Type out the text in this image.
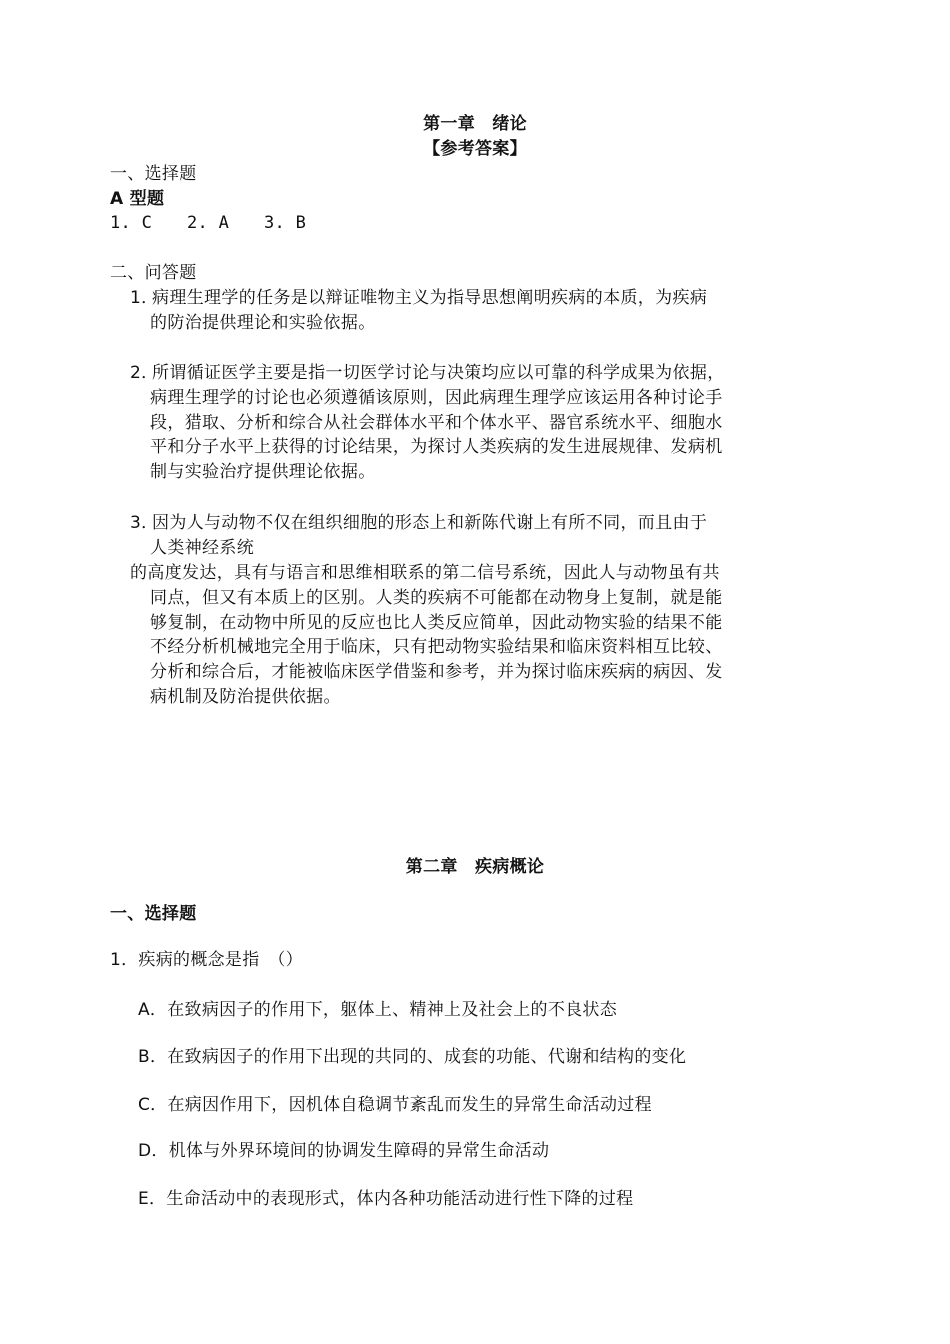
第一章　绪论
【参考答案】
一、选择题
A 型题
1. C 2. A 3. B
二、问答题
1．
病理生理学的任务是以辩证唯物主义为指导思想阐明疾病的本质，为疾病
的防治提供理论和实验依据。
2．
所谓循证医学主要是指一切医学讨论与决策均应以可靠的科学成果为依据，
病理生理学的讨论也必须遵循该原则，因此病理生理学应该运用各种讨论手
段，猎取、分析和综合从社会群体水平和个体水平、器官系统水平、细胞水
平和分子水平上获得的讨论结果，为探讨人类疾病的发生进展规律、发病机
制与实验治疗提供理论依据。
3．
因为人与动物不仅在组织细胞的形态上和新陈代谢上有所不同，而且由于
人类神经系统
的高度发达，具有与语言和思维相联系的第二信号系统，因此人与动物虽有共
同点，但又有本质上的区别。人类的疾病不可能都在动物身上复制，就是能
够复制，在动物中所见的反应也比人类反应简单，因此动物实验的结果不能
不经分析机械地完全用于临床，只有把动物实验结果和临床资料相互比较、
分析和综合后，才能被临床医学借鉴和参考，并为探讨临床疾病的病因、发
病机制及防治提供依据。
第二章　疾病概论
一、选择题
1．疾病的概念是指　（）
A．在致病因子的作用下，躯体上、精神上及社会上的不良状态
B．在致病因子的作用下出现的共同的、成套的功能、代谢和结构的变化
C．在病因作用下，因机体自稳调节紊乱而发生的异常生命活动过程
D．机体与外界环境间的协调发生障碍的异常生命活动
E．生命活动中的表现形式，体内各种功能活动进行性下降的过程
